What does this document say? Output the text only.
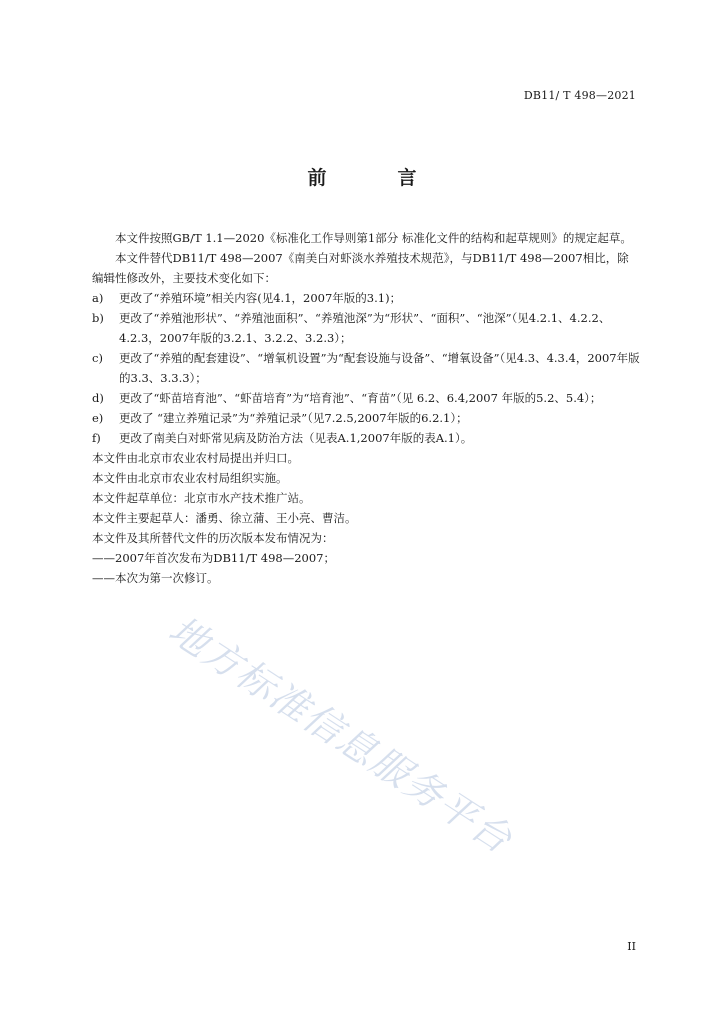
DB11/ T 498—2021
前　言

本文件按照GB/T 1.1—2020《标准化工作导则第1部分 标准化文件的结构和起草规则》的规定起草。

本文件替代DB11/T 498—2007《南美白对虾淡水养殖技术规范》，与DB11/T 498—2007相比，除编辑性修改外，主要技术变化如下：

a)	更改了“养殖环境”相关内容(见4.1，2007年版的3.1)；
b)	更改了“养殖池形状”、“养殖池面积”、“养殖池深”为“形状”、“面积”、“池深”（见4.2.1、4.2.2、4.2.3，2007年版的3.2.1、3.2.2、3.2.3）；
c)	更改了“养殖的配套建设”、“增氧机设置”为“配套设施与设备”、“增氧设备”（见4.3、4.3.4，2007年版的3.3、3.3.3）；
d)	更改了“虾苗培育池”、“虾苗培育”为“培育池”、“育苗”（见 6.2、6.4,2007 年版的5.2、5.4）；
e)	更改了 “建立养殖记录”为“养殖记录”（见7.2.5,2007年版的6.2.1）；
f)	更改了南美白对虾常见病及防治方法（见表A.1,2007年版的表A.1）。

本文件由北京市农业农村局提出并归口。

本文件由北京市农业农村局组织实施。

本文件起草单位：北京市水产技术推广站。

本文件主要起草人：潘勇、徐立蒲、王小亮、曹洁。

本文件及其所替代文件的历次版本发布情况为：

——2007年首次发布为DB11/T 498—2007；

——本次为第一次修订。

地方标准信息服务平台
II
